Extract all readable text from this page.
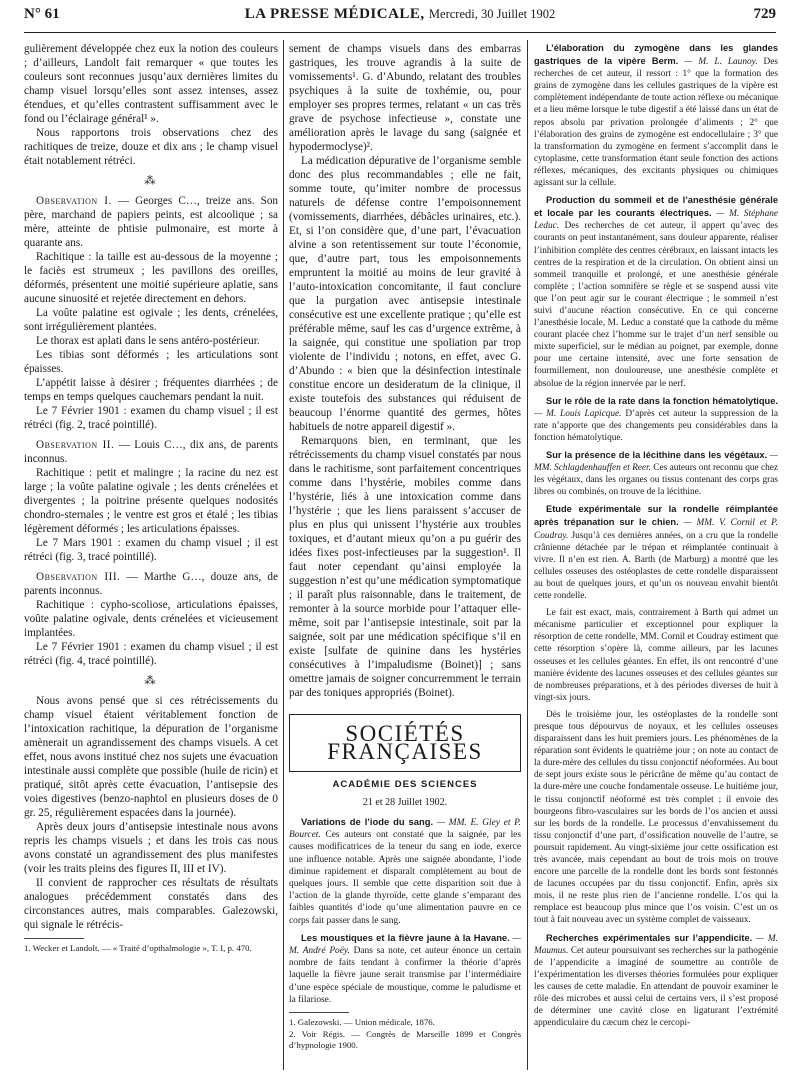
N° 61	LA PRESSE MÉDICALE, Mercredi, 30 Juillet 1902	729

gulièrement développée chez eux la notion des couleurs ; d’ailleurs, Landolt fait remarquer « que toutes les couleurs sont reconnues jusqu’aux dernières limites du champ visuel lorsqu’elles sont assez intenses, assez étendues, et qu’elles contrastent suffisamment avec le fond ou l’éclairage général¹ ».

Nous rapportons trois observations chez des rachitiques de treize, douze et dix ans ; le champ visuel était notablement rétréci.

⁂

Observation I. — Georges C…, treize ans. Son père, marchand de papiers peints, est alcoolique ; sa mère, atteinte de phtisie pulmonaire, est morte à quarante ans.

Rachitique : la taille est au-dessous de la moyenne ; le faciès est strumeux ; les pavillons des oreilles, déformés, présentent une moitié supérieure aplatie, sans aucune sinuosité et rejetée directement en dehors.

La voûte palatine est ogivale ; les dents, crénelées, sont irrégulièrement plantées.

Le thorax est aplati dans le sens antéro-postérieur.

Les tibias sont déformés ; les articulations sont épaisses.

L’appétit laisse à désirer ; fréquentes diarrhées ; de temps en temps quelques cauchemars pendant la nuit.

Le 7 Février 1901 : examen du champ visuel ; il est rétréci (fig. 2, tracé pointillé).

Observation II. — Louis C…, dix ans, de parents inconnus.

Rachitique : petit et malingre ; la racine du nez est large ; la voûte palatine ogivale ; les dents crénelées et divergentes ; la poitrine présente quelques nodosités chondro-sternales ; le ventre est gros et étalé ; les tibias légèrement déformés ; les articulations épaisses.

Le 7 Mars 1901 : examen du champ visuel ; il est rétréci (fig. 3, tracé pointillé).

Observation III. — Marthe G…, douze ans, de parents inconnus.

Rachitique : cypho-scoliose, articulations épaisses, voûte palatine ogivale, dents crénelées et vicieusement implantées.

Le 7 Février 1901 : examen du champ visuel ; il est rétréci (fig. 4, tracé pointillé).

⁂

Nous avons pensé que si ces rétrécissements du champ visuel étaient véritablement fonction de l’intoxication rachitique, la dépuration de l’organisme amènerait un agrandissement des champs visuels. A cet effet, nous avons institué chez nos sujets une évacuation intestinale aussi complète que possible (huile de ricin) et pratiqué, sitôt après cette évacuation, l’antisepsie des voies digestives (benzo-naphtol en plusieurs doses de 0 gr. 25, régulièrement espacées dans la journée).

Après deux jours d’antisepsie intestinale nous avons repris les champs visuels ; et dans les trois cas nous avons constaté un agrandissement des plus manifestes (voir les traits pleins des figures II, III et IV).

Il convient de rapprocher ces résultats de résultats analogues précédemment constatés dans des circonstances autres, mais comparables. Galezowski, qui signale le rétrécis-

1. Wecker et Landolt. — « Traité d’opthalmologie », T. I, p. 470.

sement de champs visuels dans des embarras gastriques, les trouve agrandis à la suite de vomissements¹. G. d’Abundo, relatant des troubles psychiques à la suite de toxhémie, ou, pour employer ses propres termes, relatant « un cas très grave de psychose infectieuse », constate une amélioration après le lavage du sang (saignée et hypodermoclyse)².

La médication dépurative de l’organisme semble donc des plus recommandables ; elle ne fait, somme toute, qu’imiter nombre de processus naturels de défense contre l’empoisonnement (vomissements, diarrhées, débâcles urinaires, etc.). Et, si l’on considère que, d’une part, l’évacuation alvine a son retentissement sur toute l’économie, que, d’autre part, tous les empoisonnements empruntent la moitié au moins de leur gravité à l’auto-intoxication concomitante, il faut conclure que la purgation avec antisepsie intestinale consécutive est une excellente pratique ; qu’elle est préférable même, sauf les cas d’urgence extrême, à la saignée, qui constitue une spoliation par trop violente de l’individu ; notons, en effet, avec G. d’Abundo : « bien que la désinfection intestinale constitue encore un desideratum de la clinique, il existe toutefois des substances qui réduisent de beaucoup l’énorme quantité des germes, hôtes habituels de notre appareil digestif ».

Remarquons bien, en terminant, que les rétrécissements du champ visuel constatés par nous dans le rachitisme, sont parfaitement concentriques comme dans l’hystérie, mobiles comme dans l’hystérie, liés à une intoxication comme dans l’hystérie ; que les liens paraissent s’accuser de plus en plus qui unissent l’hystérie aux troubles toxiques, et d’autant mieux qu’on a pu guérir des idées fixes post-infectieuses par la suggestion¹. Il faut noter cependant qu’ainsi employée la suggestion n’est qu’une médication symptomatique ; il paraît plus raisonnable, dans le traitement, de remonter à la source morbide pour l’attaquer elle-même, soit par l’antisepsie intestinale, soit par la saignée, soit par une médication spécifique s’il en existe [sulfate de quinine dans les hystéries consécutives à l’impaludisme (Boinet)] ; sans omettre jamais de soigner concurremment le terrain par des toniques appropriés (Boinet).

SOCIÉTÉS FRANÇAISES
ACADÉMIE DES SCIENCES
21 et 28 Juillet 1902.

Variations de l’iode du sang. — MM. E. Gley et P. Bourcet. Ces auteurs ont constaté que la saignée, par les causes modificatrices de la teneur du sang en iode, exerce une influence notable. Après une saignée abondante, l’iode diminue rapidement et disparaît complètement au bout de quelques jours. Il semble que cette disparition soit due à l’action de la glande thyroïde, cette glande s’emparant des faibles quantités d’iode qu’une alimentation pauvre en ce corps fait passer dans le sang.

Les moustiques et la fièvre jaune à la Havane. — M. André Poëy. Dans sa note, cet auteur énonce un certain nombre de faits tendant à confirmer la théorie d’après laquelle la fièvre jaune serait transmise par l’intermédiaire d’une espèce spéciale de moustique, comme le paludisme et la filariose.

1. Galezowski. — Union médicale, 1876.

2. Voir Régis. — Congrès de Marseille 1899 et Congrès d’hypnologie 1900.

L’élaboration du zymogène dans les glandes gastriques de la vipère Berm. — M. L. Launoy. Des recherches de cet auteur, il ressort : 1° que la formation des grains de zymogène dans les cellules gastriques de la vipère est complètement indépendante de toute action réflexe ou mécanique et a lieu même lorsque le tube digestif a été laissé dans un état de repos absolu par privation prolongée d’aliments ; 2° que l’élaboration des grains de zymogène est endocellulaire ; 3° que la transformation du zymogène en ferment s’accomplit dans le cytoplasme, cette transformation étant seule fonction des actions réflexes, mécaniques, des excitants physiques ou chimiques agissant sur la cellule.

Production du sommeil et de l’anesthésie générale et locale par les courants électriques. — M. Stéphane Leduc. Des recherches de cet auteur, il appert qu’avec des courants on peut instantanément, sans douleur apparente, réaliser l’inhibition complète des centres cérébraux, en laissant intacts les centres de la respiration et de la circulation. On obtient ainsi un sommeil tranquille et prolongé, et une anesthésie générale complète ; l’action somnifère se règle et se suspend aussi vite que l’on peut agir sur le courant électrique ; le sommeil n’est suivi d’aucune réaction consécutive. En ce qui concerne l’anesthésie locale, M. Leduc a constaté que la cathode du même courant placée chez l’homme sur le trajet d’un nerf sensible ou mixte superficiel, sur le médian au poignet, par exemple, donne pour une certaine intensité, avec une forte sensation de fourmillement, non douloureuse, une anesthésie complète et absolue de la région innervée par le nerf.

Sur le rôle de la rate dans la fonction hématolytique. — M. Louis Lapicque. D’après cet auteur la suppression de la rate n’apporte que des changements peu considérables dans la fonction hématolytique.

Sur la présence de la lécithine dans les végétaux. — MM. Schlagdenhauffen et Reer. Ces auteurs ont reconnu que chez les végétaux, dans les organes ou tissus contenant des corps gras libres ou combinés, on trouve de la lécithine.

Etude expérimentale sur la rondelle réimplantée après trépanation sur le chien. — MM. V. Cornil et P. Coudray. Jusqu’à ces dernières années, on a cru que la rondelle crânienne détachée par le trépan et réimplantée continuait à vivre. Il n’en est rien. A. Barth (de Marburg) a montré que les cellules osseuses des ostéoplastes de cette rondelle disparaissent au bout de quelques jours, et qu’un os nouveau envahit bientôt cette rondelle.

Le fait est exact, mais, contrairement à Barth qui admet un mécanisme particulier et exceptionnel pour expliquer la résorption de cette rondelle, MM. Cornil et Coudray estiment que cette résorption s’opère là, comme ailleurs, par les lacunes osseuses et les cellules géantes. En effet, ils ont rencontré d’une manière évidente des lacunes osseuses et des cellules géantes sur de nombreuses préparations, et à des périodes diverses de huit à vingt-six jours.

Dès le troisième jour, les ostéoplastes de la rondelle sont presque tous dépourvus de noyaux, et les cellules osseuses disparaissent dans les huit premiers jours. Les phénomènes de la réparation sont évidents le quatrième jour ; on note au contact de la dure-mère des cellules du tissu conjonctif néoformées. Au bout de sept jours existe sous le péricrâne de même qu’au contact de la dure-mère une couche fondamentale osseuse. Le huitième jour, le tissu conjonctif néoformé est très complet ; il envoie des bourgeons fibro-vasculaires sur les bords de l’os ancien et aussi sur les bords de la rondelle. Le processus d’envahissement du tissu conjonctif d’une part, d’ossification nouvelle de l’autre, se poursuit rapidement. Au vingt-sixième jour cette ossification est très avancée, mais cependant au bout de trois mois on trouve encore une parcelle de la rondelle dont les bords sont festonnés de lacunes occupées par du tissu conjonctif. Enfin, après six mois, il ne reste plus rien de l’ancienne rondelle. L’os qui la remplace est beaucoup plus mince que l’os voisin. C’est un os tout à fait nouveau avec un système complet de vaisseaux.

Recherches expérimentales sur l’appendicite. — M. Maumus. Cet auteur poursuivant ses recherches sur la pathogénie de l’appendicite a imaginé de soumettre au contrôle de l’expérimentation les diverses théories formulées pour expliquer les causes de cette maladie. En attendant de pouvoir examiner le rôle des microbes et aussi celui de certains vers, il s’est proposé de déterminer une cavité close en ligaturant l’extrémité appendiculaire du cæcum chez le cercopi-
